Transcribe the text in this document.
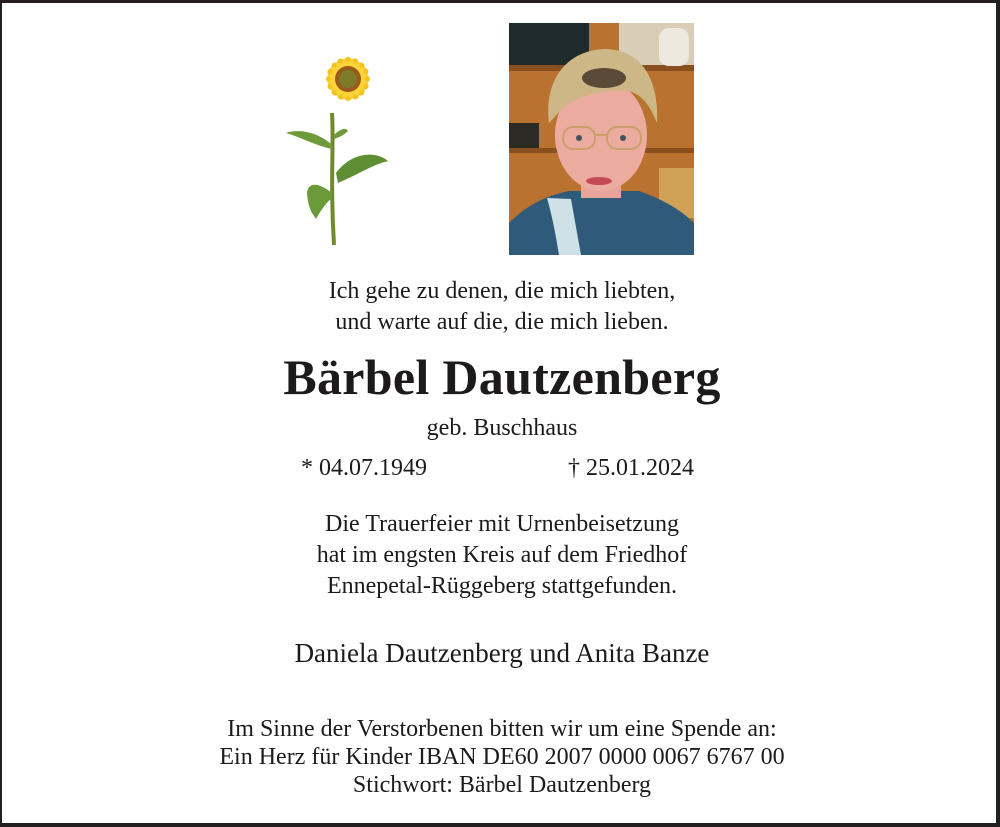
Ich gehe zu denen, die mich liebten,
und warte auf die, die mich lieben.
Bärbel Dautzenberg
geb. Buschhaus
* 04.07.1949	† 25.01.2024
Die Trauerfeier mit Urnenbeisetzung
hat im engsten Kreis auf dem Friedhof
Ennepetal-Rüggeberg stattgefunden.
Daniela Dautzenberg und Anita Banze
Im Sinne der Verstorbenen bitten wir um eine Spende an:
Ein Herz für Kinder IBAN DE60 2007 0000 0067 6767 00
Stichwort: Bärbel Dautzenberg
